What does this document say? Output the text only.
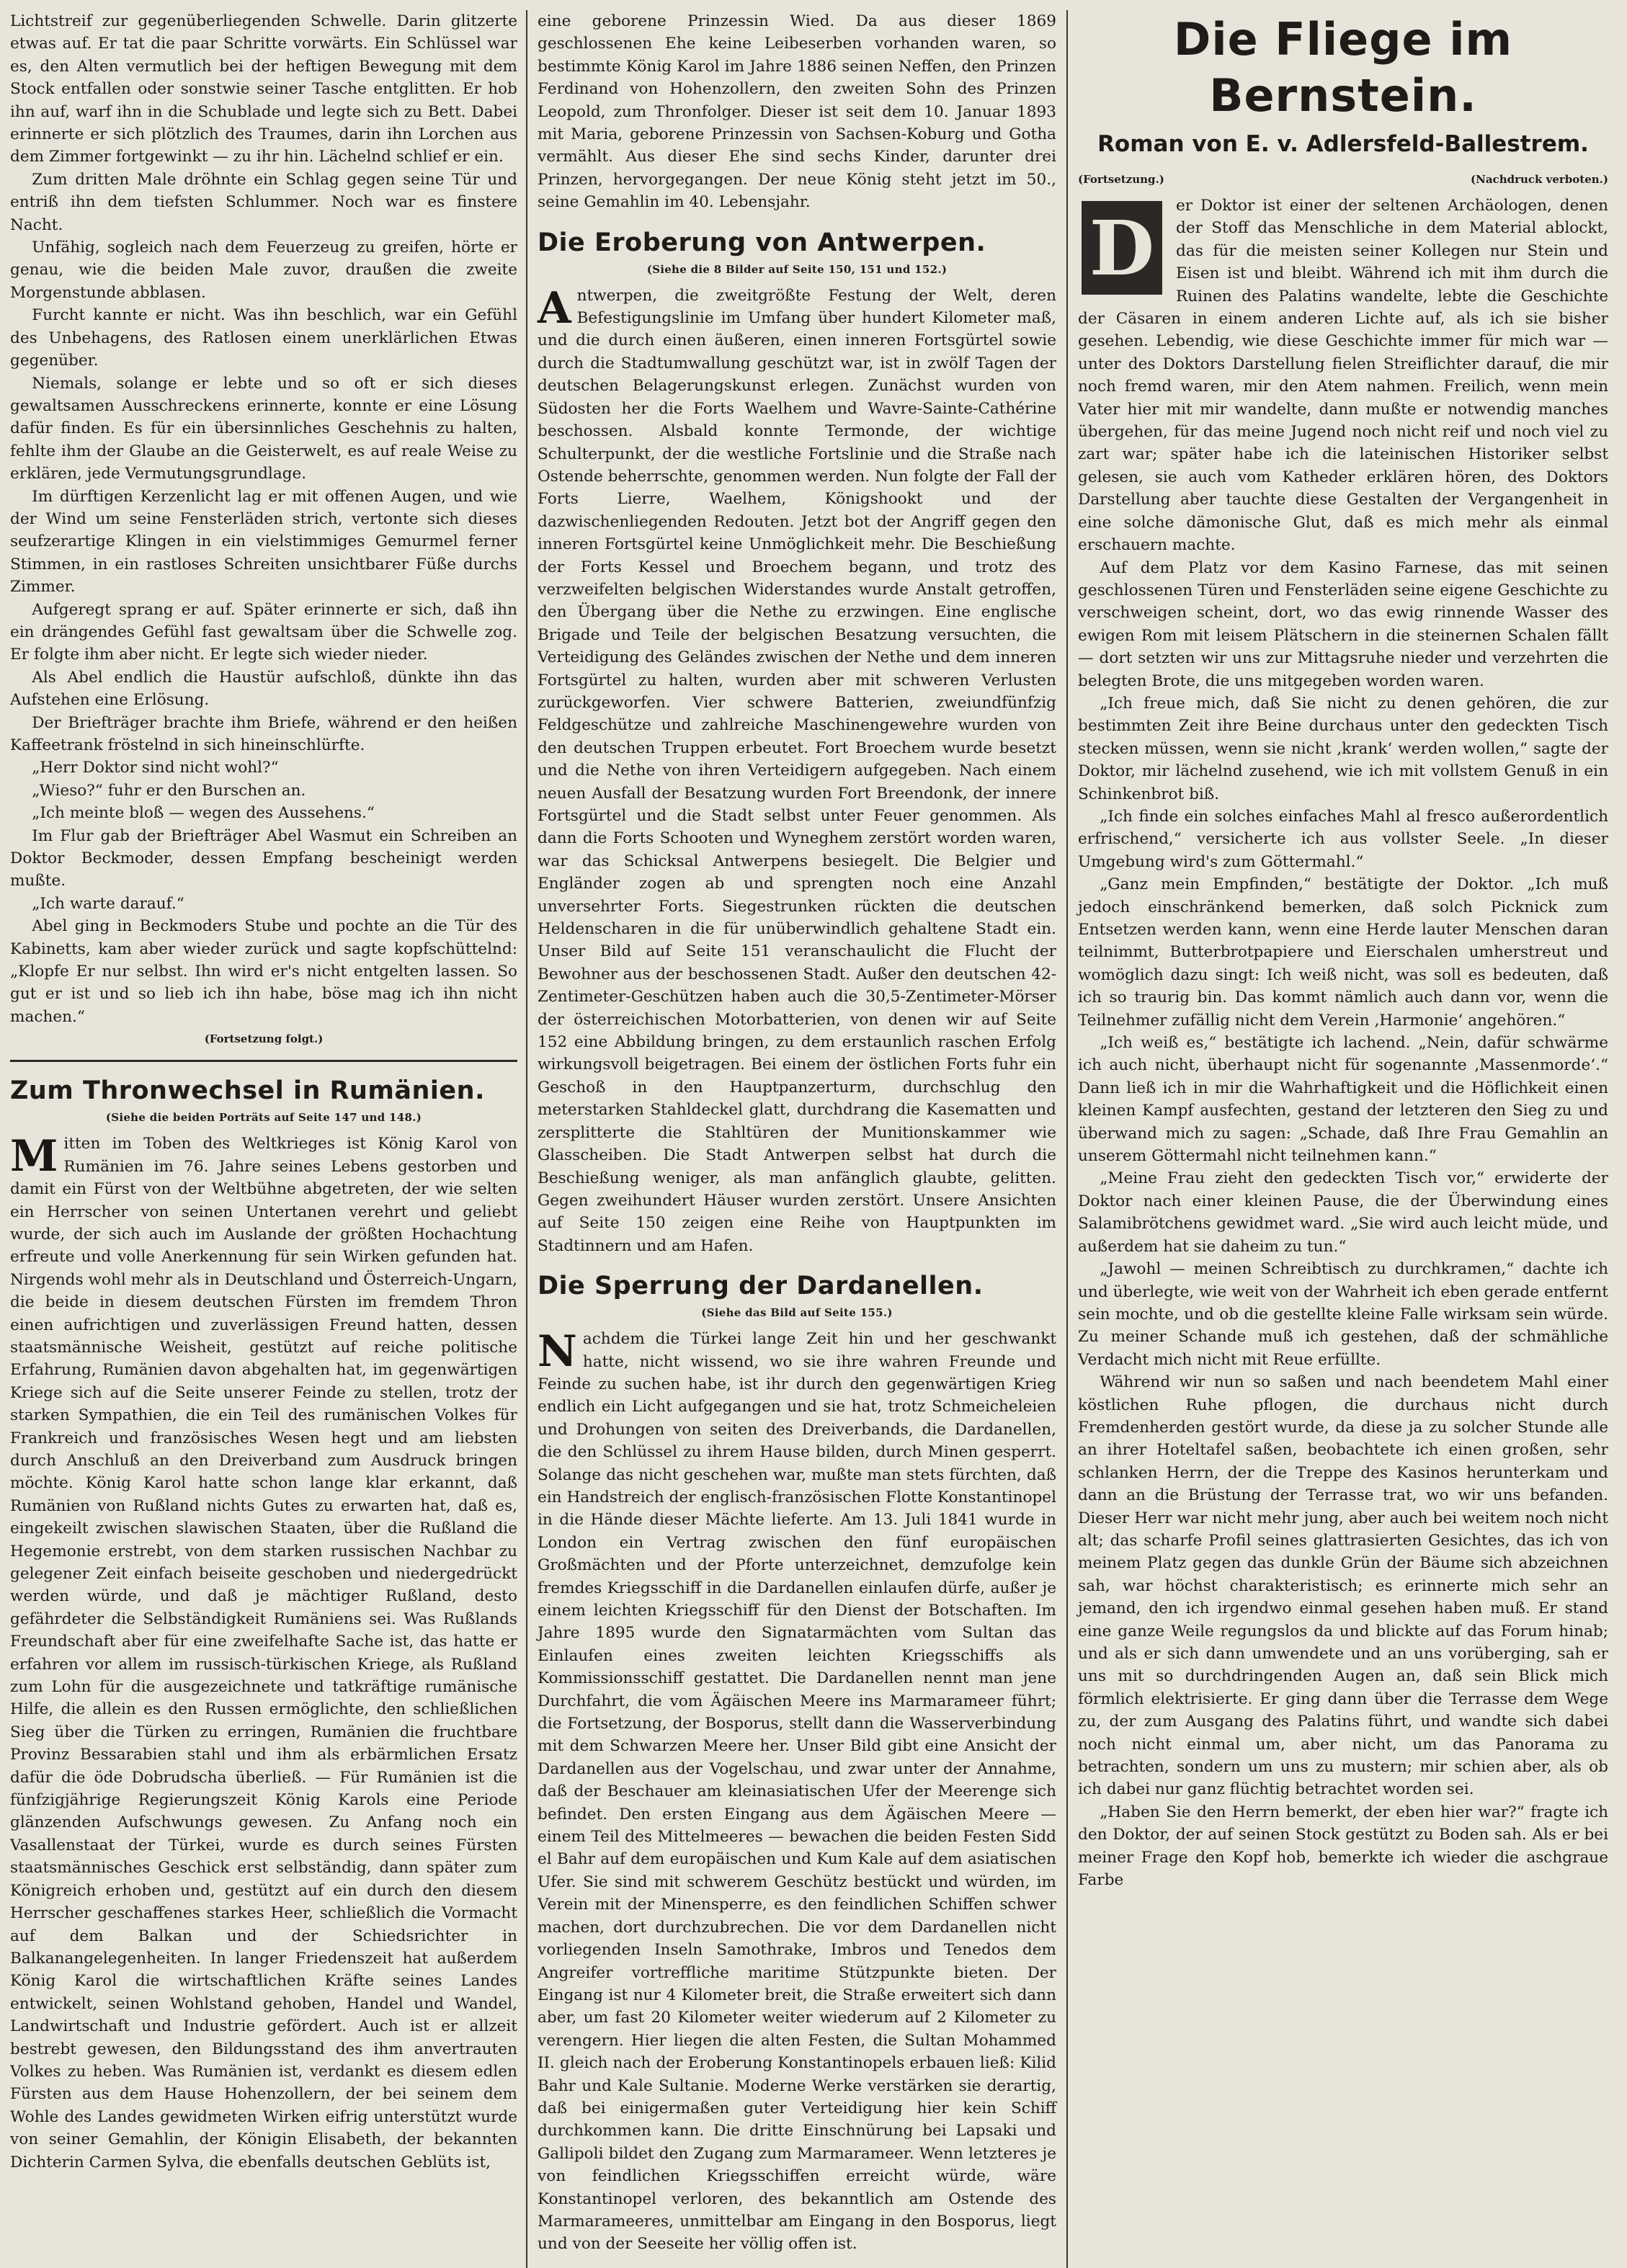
Lichtstreif zur gegenüberliegenden Schwelle. Darin glitzerte etwas auf. Er tat die paar Schritte vorwärts. Ein Schlüssel war es, den Alten vermutlich bei der heftigen Bewegung mit dem Stock entfallen oder sonstwie seiner Tasche entglitten. Er hob ihn auf, warf ihn in die Schublade und legte sich zu Bett. Dabei erinnerte er sich plötzlich des Traumes, darin ihn Lorchen aus dem Zimmer fortgewinkt — zu ihr hin. Lächelnd schlief er ein.

Zum dritten Male dröhnte ein Schlag gegen seine Tür und entriß ihn dem tiefsten Schlummer. Noch war es finstere Nacht.

Unfähig, sogleich nach dem Feuerzeug zu greifen, hörte er genau, wie die beiden Male zuvor, draußen die zweite Morgenstunde abblasen.

Furcht kannte er nicht. Was ihn beschlich, war ein Gefühl des Unbehagens, des Ratlosen einem unerklärlichen Etwas gegenüber.

Niemals, solange er lebte und so oft er sich dieses gewaltsamen Ausschreckens erinnerte, konnte er eine Lösung dafür finden. Es für ein übersinnliches Geschehnis zu halten, fehlte ihm der Glaube an die Geisterwelt, es auf reale Weise zu erklären, jede Vermutungsgrundlage.

Im dürftigen Kerzenlicht lag er mit offenen Augen, und wie der Wind um seine Fensterläden strich, vertonte sich dieses seufzerartige Klingen in ein vielstimmiges Gemurmel ferner Stimmen, in ein rastloses Schreiten unsichtbarer Füße durchs Zimmer.

Aufgeregt sprang er auf. Später erinnerte er sich, daß ihn ein drängendes Gefühl fast gewaltsam über die Schwelle zog. Er folgte ihm aber nicht. Er legte sich wieder nieder.

Als Abel endlich die Haustür aufschloß, dünkte ihn das Aufstehen eine Erlösung.

Der Briefträger brachte ihm Briefe, während er den heißen Kaffeetrank fröstelnd in sich hineinschlürfte.

„Herr Doktor sind nicht wohl?“

„Wieso?“ fuhr er den Burschen an.

„Ich meinte bloß — wegen des Aussehens.“

Im Flur gab der Briefträger Abel Wasmut ein Schreiben an Doktor Beckmoder, dessen Empfang bescheinigt werden mußte.

„Ich warte darauf.“

Abel ging in Beckmoders Stube und pochte an die Tür des Kabinetts, kam aber wieder zurück und sagte kopfschüttelnd: „Klopfe Er nur selbst. Ihn wird er's nicht entgelten lassen. So gut er ist und so lieb ich ihn habe, böse mag ich ihn nicht machen.“

(Fortsetzung folgt.)
Zum Thronwechsel in Rumänien.
(Siehe die beiden Porträts auf Seite 147 und 148.)

Mitten im Toben des Weltkrieges ist König Karol von Rumänien im 76. Jahre seines Lebens gestorben und damit ein Fürst von der Weltbühne abgetreten, der wie selten ein Herrscher von seinen Untertanen verehrt und geliebt wurde, der sich auch im Auslande der größten Hochachtung erfreute und volle Anerkennung für sein Wirken gefunden hat. Nirgends wohl mehr als in Deutschland und Österreich-Ungarn, die beide in diesem deutschen Fürsten im fremdem Thron einen aufrichtigen und zuverlässigen Freund hatten, dessen staatsmännische Weisheit, gestützt auf reiche politische Erfahrung, Rumänien davon abgehalten hat, im gegenwärtigen Kriege sich auf die Seite unserer Feinde zu stellen, trotz der starken Sympathien, die ein Teil des rumänischen Volkes für Frankreich und französisches Wesen hegt und am liebsten durch Anschluß an den Dreiverband zum Ausdruck bringen möchte. König Karol hatte schon lange klar erkannt, daß Rumänien von Rußland nichts Gutes zu erwarten hat, daß es, eingekeilt zwischen slawischen Staaten, über die Rußland die Hegemonie erstrebt, von dem starken russischen Nachbar zu gelegener Zeit einfach beiseite geschoben und niedergedrückt werden würde, und daß je mächtiger Rußland, desto gefährdeter die Selbständigkeit Rumäniens sei. Was Rußlands Freundschaft aber für eine zweifelhafte Sache ist, das hatte er erfahren vor allem im russisch-türkischen Kriege, als Rußland zum Lohn für die ausgezeichnete und tatkräftige rumänische Hilfe, die allein es den Russen ermöglichte, den schließlichen Sieg über die Türken zu erringen, Rumänien die fruchtbare Provinz Bessarabien stahl und ihm als erbärmlichen Ersatz dafür die öde Dobrudscha überließ. — Für Rumänien ist die fünfzigjährige Regierungszeit König Karols eine Periode glänzenden Aufschwungs gewesen. Zu Anfang noch ein Vasallenstaat der Türkei, wurde es durch seines Fürsten staatsmännisches Geschick erst selbständig, dann später zum Königreich erhoben und, gestützt auf ein durch den diesem Herrscher geschaffenes starkes Heer, schließlich die Vormacht auf dem Balkan und der Schiedsrichter in Balkanangelegenheiten. In langer Friedenszeit hat außerdem König Karol die wirtschaftlichen Kräfte seines Landes entwickelt, seinen Wohlstand gehoben, Handel und Wandel, Landwirtschaft und Industrie gefördert. Auch ist er allzeit bestrebt gewesen, den Bildungsstand des ihm anvertrauten Volkes zu heben. Was Rumänien ist, verdankt es diesem edlen Fürsten aus dem Hause Hohenzollern, der bei seinem dem Wohle des Landes gewidmeten Wirken eifrig unterstützt wurde von seiner Gemahlin, der Königin Elisabeth, der bekannten Dichterin Carmen Sylva, die ebenfalls deutschen Geblüts ist,

eine geborene Prinzessin Wied. Da aus dieser 1869 geschlossenen Ehe keine Leibeserben vorhanden waren, so bestimmte König Karol im Jahre 1886 seinen Neffen, den Prinzen Ferdinand von Hohenzollern, den zweiten Sohn des Prinzen Leopold, zum Thronfolger. Dieser ist seit dem 10. Januar 1893 mit Maria, geborene Prinzessin von Sachsen-Koburg und Gotha vermählt. Aus dieser Ehe sind sechs Kinder, darunter drei Prinzen, hervorgegangen. Der neue König steht jetzt im 50., seine Gemahlin im 40. Lebensjahr.

Die Eroberung von Antwerpen.
(Siehe die 8 Bilder auf Seite 150, 151 und 152.)

Antwerpen, die zweitgrößte Festung der Welt, deren Befestigungslinie im Umfang über hundert Kilometer maß, und die durch einen äußeren, einen inneren Fortsgürtel sowie durch die Stadtumwallung geschützt war, ist in zwölf Tagen der deutschen Belagerungskunst erlegen. Zunächst wurden von Südosten her die Forts Waelhem und Wavre-Sainte-Cathérine beschossen. Alsbald konnte Termonde, der wichtige Schulterpunkt, der die westliche Fortslinie und die Straße nach Ostende beherrschte, genommen werden. Nun folgte der Fall der Forts Lierre, Waelhem, Königshookt und der dazwischenliegenden Redouten. Jetzt bot der Angriff gegen den inneren Fortsgürtel keine Unmöglichkeit mehr. Die Beschießung der Forts Kessel und Broechem begann, und trotz des verzweifelten belgischen Widerstandes wurde Anstalt getroffen, den Übergang über die Nethe zu erzwingen. Eine englische Brigade und Teile der belgischen Besatzung versuchten, die Verteidigung des Geländes zwischen der Nethe und dem inneren Fortsgürtel zu halten, wurden aber mit schweren Verlusten zurückgeworfen. Vier schwere Batterien, zweiundfünfzig Feldgeschütze und zahlreiche Maschinengewehre wurden von den deutschen Truppen erbeutet. Fort Broechem wurde besetzt und die Nethe von ihren Verteidigern aufgegeben. Nach einem neuen Ausfall der Besatzung wurden Fort Breendonk, der innere Fortsgürtel und die Stadt selbst unter Feuer genommen. Als dann die Forts Schooten und Wyneghem zerstört worden waren, war das Schicksal Antwerpens besiegelt. Die Belgier und Engländer zogen ab und sprengten noch eine Anzahl unversehrter Forts. Siegestrunken rückten die deutschen Heldenscharen in die für unüberwindlich gehaltene Stadt ein. Unser Bild auf Seite 151 veranschaulicht die Flucht der Bewohner aus der beschossenen Stadt. Außer den deutschen 42-Zentimeter-Geschützen haben auch die 30,5-Zentimeter-Mörser der österreichischen Motorbatterien, von denen wir auf Seite 152 eine Abbildung bringen, zu dem erstaunlich raschen Erfolg wirkungsvoll beigetragen. Bei einem der östlichen Forts fuhr ein Geschoß in den Hauptpanzerturm, durchschlug den meterstarken Stahldeckel glatt, durchdrang die Kasematten und zersplitterte die Stahltüren der Munitionskammer wie Glasscheiben. Die Stadt Antwerpen selbst hat durch die Beschießung weniger, als man anfänglich glaubte, gelitten. Gegen zweihundert Häuser wurden zerstört. Unsere Ansichten auf Seite 150 zeigen eine Reihe von Hauptpunkten im Stadtinnern und am Hafen.

Die Sperrung der Dardanellen.
(Siehe das Bild auf Seite 155.)

Nachdem die Türkei lange Zeit hin und her geschwankt hatte, nicht wissend, wo sie ihre wahren Freunde und Feinde zu suchen habe, ist ihr durch den gegenwärtigen Krieg endlich ein Licht aufgegangen und sie hat, trotz Schmeicheleien und Drohungen von seiten des Dreiverbands, die Dardanellen, die den Schlüssel zu ihrem Hause bilden, durch Minen gesperrt. Solange das nicht geschehen war, mußte man stets fürchten, daß ein Handstreich der englisch-französischen Flotte Konstantinopel in die Hände dieser Mächte lieferte. Am 13. Juli 1841 wurde in London ein Vertrag zwischen den fünf europäischen Großmächten und der Pforte unterzeichnet, demzufolge kein fremdes Kriegsschiff in die Dardanellen einlaufen dürfe, außer je einem leichten Kriegsschiff für den Dienst der Botschaften. Im Jahre 1895 wurde den Signatarmächten vom Sultan das Einlaufen eines zweiten leichten Kriegsschiffs als Kommissionsschiff gestattet. Die Dardanellen nennt man jene Durchfahrt, die vom Ägäischen Meere ins Marmarameer führt; die Fortsetzung, der Bosporus, stellt dann die Wasserverbindung mit dem Schwarzen Meere her. Unser Bild gibt eine Ansicht der Dardanellen aus der Vogelschau, und zwar unter der Annahme, daß der Beschauer am kleinasiatischen Ufer der Meerenge sich befindet. Den ersten Eingang aus dem Ägäischen Meere — einem Teil des Mittelmeeres — bewachen die beiden Festen Sidd el Bahr auf dem europäischen und Kum Kale auf dem asiatischen Ufer. Sie sind mit schwerem Geschütz bestückt und würden, im Verein mit der Minensperre, es den feindlichen Schiffen schwer machen, dort durchzubrechen. Die vor dem Dardanellen nicht vorliegenden Inseln Samothrake, Imbros und Tenedos dem Angreifer vortreffliche maritime Stützpunkte bieten. Der Eingang ist nur 4 Kilometer breit, die Straße erweitert sich dann aber, um fast 20 Kilometer weiter wiederum auf 2 Kilometer zu verengern. Hier liegen die alten Festen, die Sultan Mohammed II. gleich nach der Eroberung Konstantinopels erbauen ließ: Kilid Bahr und Kale Sultanie. Moderne Werke verstärken sie derartig, daß bei einigermaßen guter Verteidigung hier kein Schiff durchkommen kann. Die dritte Einschnürung bei Lapsaki und Gallipoli bildet den Zugang zum Marmarameer. Wenn letzteres je von feindlichen Kriegsschiffen erreicht würde, wäre Konstantinopel verloren, des bekanntlich am Ostende des Marmarameeres, unmittelbar am Eingang in den Bosporus, liegt und von der Seeseite her völlig offen ist.

Die Fliege im Bernstein.
Roman von E. v. Adlersfeld-Ballestrem.
(Fortsetzung.)	(Nachdruck verboten.)
D	er Doktor ist einer der seltenen Archäologen, denen der Stoff das Menschliche in dem Material ablockt, das für die meisten seiner Kollegen nur Stein und Eisen ist und bleibt. Während ich mit ihm durch die Ruinen des Palatins wandelte, lebte die Geschichte der Cäsaren in einem anderen Lichte auf, als ich sie bisher gesehen. Lebendig, wie diese Geschichte immer für mich war — unter des Doktors Darstellung fielen Streiflichter darauf, die mir noch fremd waren, mir den Atem nahmen. Freilich, wenn mein Vater hier mit mir wandelte, dann mußte er notwendig manches übergehen, für das meine Jugend noch nicht reif und noch viel zu zart war; später habe ich die lateinischen Historiker selbst gelesen, sie auch vom Katheder erklären hören, des Doktors Darstellung aber tauchte diese Gestalten der Vergangenheit in eine solche dämonische Glut, daß es mich mehr als einmal erschauern machte.

Auf dem Platz vor dem Kasino Farnese, das mit seinen geschlossenen Türen und Fensterläden seine eigene Geschichte zu verschweigen scheint, dort, wo das ewig rinnende Wasser des ewigen Rom mit leisem Plätschern in die steinernen Schalen fällt — dort setzten wir uns zur Mittagsruhe nieder und verzehrten die belegten Brote, die uns mitgegeben worden waren.

„Ich freue mich, daß Sie nicht zu denen gehören, die zur bestimmten Zeit ihre Beine durchaus unter den gedeckten Tisch stecken müssen, wenn sie nicht ‚krank‘ werden wollen,“ sagte der Doktor, mir lächelnd zusehend, wie ich mit vollstem Genuß in ein Schinkenbrot biß.

„Ich finde ein solches einfaches Mahl al fresco außerordentlich erfrischend,“ versicherte ich aus vollster Seele. „In dieser Umgebung wird's zum Göttermahl.“

„Ganz mein Empfinden,“ bestätigte der Doktor. „Ich muß jedoch einschränkend bemerken, daß solch Picknick zum Entsetzen werden kann, wenn eine Herde lauter Menschen daran teilnimmt, Butterbrotpapiere und Eierschalen umherstreut und womöglich dazu singt: Ich weiß nicht, was soll es bedeuten, daß ich so traurig bin. Das kommt nämlich auch dann vor, wenn die Teilnehmer zufällig nicht dem Verein ‚Harmonie‘ angehören.“

„Ich weiß es,“ bestätigte ich lachend. „Nein, dafür schwärme ich auch nicht, überhaupt nicht für sogenannte ‚Massenmorde‘.“ Dann ließ ich in mir die Wahrhaftigkeit und die Höflichkeit einen kleinen Kampf ausfechten, gestand der letzteren den Sieg zu und überwand mich zu sagen: „Schade, daß Ihre Frau Gemahlin an unserem Göttermahl nicht teilnehmen kann.“

„Meine Frau zieht den gedeckten Tisch vor,“ erwiderte der Doktor nach einer kleinen Pause, die der Überwindung eines Salamibrötchens gewidmet ward. „Sie wird auch leicht müde, und außerdem hat sie daheim zu tun.“

„Jawohl — meinen Schreibtisch zu durchkramen,“ dachte ich und überlegte, wie weit von der Wahrheit ich eben gerade entfernt sein mochte, und ob die gestellte kleine Falle wirksam sein würde. Zu meiner Schande muß ich gestehen, daß der schmähliche Verdacht mich nicht mit Reue erfüllte.

Während wir nun so saßen und nach beendetem Mahl einer köstlichen Ruhe pflogen, die durchaus nicht durch Fremdenherden gestört wurde, da diese ja zu solcher Stunde alle an ihrer Hoteltafel saßen, beobachtete ich einen großen, sehr schlanken Herrn, der die Treppe des Kasinos herunterkam und dann an die Brüstung der Terrasse trat, wo wir uns befanden. Dieser Herr war nicht mehr jung, aber auch bei weitem noch nicht alt; das scharfe Profil seines glattrasierten Gesichtes, das ich von meinem Platz gegen das dunkle Grün der Bäume sich abzeichnen sah, war höchst charakteristisch; es erinnerte mich sehr an jemand, den ich irgendwo einmal gesehen haben muß. Er stand eine ganze Weile regungslos da und blickte auf das Forum hinab; und als er sich dann umwendete und an uns vorüberging, sah er uns mit so durchdringenden Augen an, daß sein Blick mich förmlich elektrisierte. Er ging dann über die Terrasse dem Wege zu, der zum Ausgang des Palatins führt, und wandte sich dabei noch nicht einmal um, aber nicht, um das Panorama zu betrachten, sondern um uns zu mustern; mir schien aber, als ob ich dabei nur ganz flüchtig betrachtet worden sei.

„Haben Sie den Herrn bemerkt, der eben hier war?“ fragte ich den Doktor, der auf seinen Stock gestützt zu Boden sah. Als er bei meiner Frage den Kopf hob, bemerkte ich wieder die aschgraue Farbe
